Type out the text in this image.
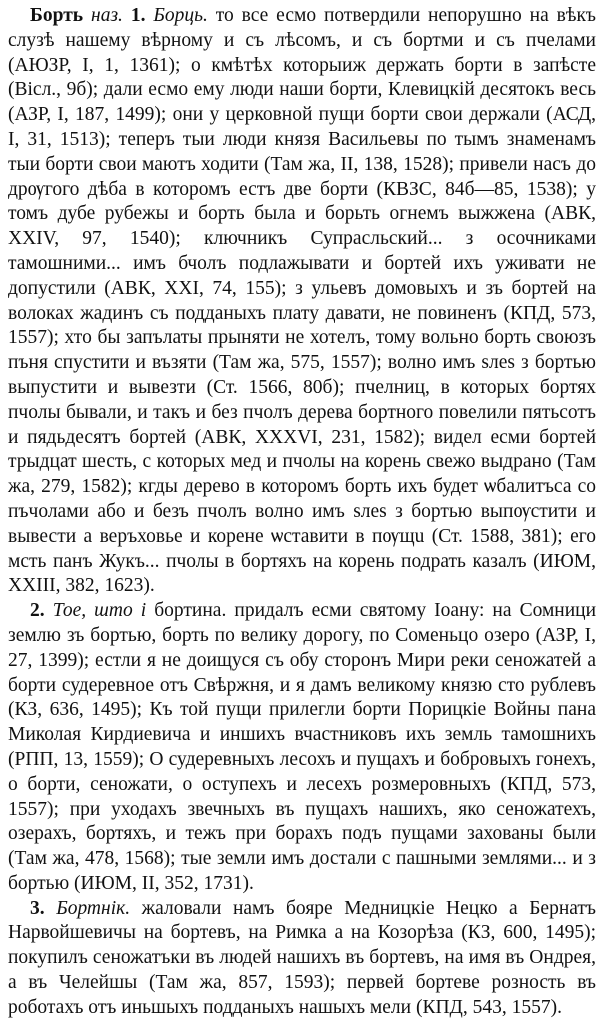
Борть наз. 1. Борць. то все есмо потвердили непорушно на вѣкъ слузѣ нашему вѣрному и съ лѣсомъ, и съ бортми и съ пчелами (АЮЗР, І, 1, 1361); ο кмѣтѣх которыиж держать борти в запѣсте (Віcл., 9б); дали есмо ему люди наши борти, Клевицкій десятокъ весь (АЗР, І, 187, 1499); они у церковной пущи борти свои держали (АСД, І, 31, 1513); теперъ тыи люди князя Васильевы по тымъ знаменамъ тыи борти свои маютъ ходити (Там жа, ІІ, 138, 1528); привели насъ до дрѹгого дѣба в которомъ естъ две борти (КВЗС, 84б—85, 1538); у томъ дубе рубежы и борть была и борьть огнемъ выжжена (АВК, XXIV, 97, 1540); ключникъ Супрасльский... з осочниками тамошними... имъ бчолъ подлажывати и бортей ихъ уживати не допустили (АВК, XXI, 74, 155); з ульевъ домовыхъ и зъ бортей на волоках жадинъ съ подданыхъ плату давати, не повиненъ (КПД, 573, 1557); хто бы запълаты пpыняти не хотелъ, тому вольно борть своюзъ пъня спустити и възяти (Там жа, 575, 1557); волно имъ ѕлеѕ з бортью выпустити и вывезти (Ст. 1566, 80б); пчелниц, в которых бортях пчолы бывали, и такъ и без пчолъ дерева бортного повелили пятьсотъ и пядьдесятъ бортей (АВК, XXXVI, 231, 1582); видел еcми бортей трыдцат шесть, с которых мед и пчолы на корень свежо выдрано (Там жа, 279, 1582); кгды дерево в которомъ борть ихъ будет ѡбалитъса со пъчолами або и безъ пчолъ волно имъ ѕлеѕ з бортью выпѹстити и вывести а веръховье и корене ѡставити в пѹщu (Ст. 1588, 381); его мсть панъ Жукъ... пчолы в бортяхъ на корень подрать казалъ (ИЮМ, XXIII, 382, 1623).

2. Тое, што і бортина. придалъ еcми святому Іоану: на Сомници землю зъ бортью, борть по велику дорогу, по Соменьцо озеро (АЗР, І, 27, 1399); естли я не доищуся съ обу сторонъ Мири реки сеножатей а борти судеревное отъ Свѣржня, и я дамъ великому князю сто рублевъ (КЗ, 636, 1495); Къ той пущи прилегли борти Порицкіе Войны пана Миколая Кирдиевича и иншихъ вчастниковъ ихъ земль тамошнихъ (РПП, 13, 1559); О судеревныхъ лесохъ и пущахъ и бобровыхъ гонехъ, о борти, сеножати, о оступехъ и лесехъ розмеровныхъ (КПД, 573, 1557); при уходахъ звечныхъ въ пущахъ нашихъ, яко сеножатехъ, озерахъ, бортяхъ, и тежъ при борахъ подъ пущами захованы были (Там жа, 478, 1568); тые земли имъ достали с пашными землями... и з бортью (ИЮМ, ІІ, 352, 1731).

3. Бортнік. жаловали намъ бояре Медницкіе Нецко а Бернатъ Нарвойшевичы на бортевъ, на Римка а на Козорѣза (КЗ, 600, 1495); покупилъ сеножатъки въ людей нашихъ въ бортевъ, на имя въ Ондрея, а въ Челейшы (Там жа, 857, 1593); первей бортеве розность въ роботахъ отъ иньшыхъ подданыхъ нашыхъ мели (КПД, 543, 1557).
